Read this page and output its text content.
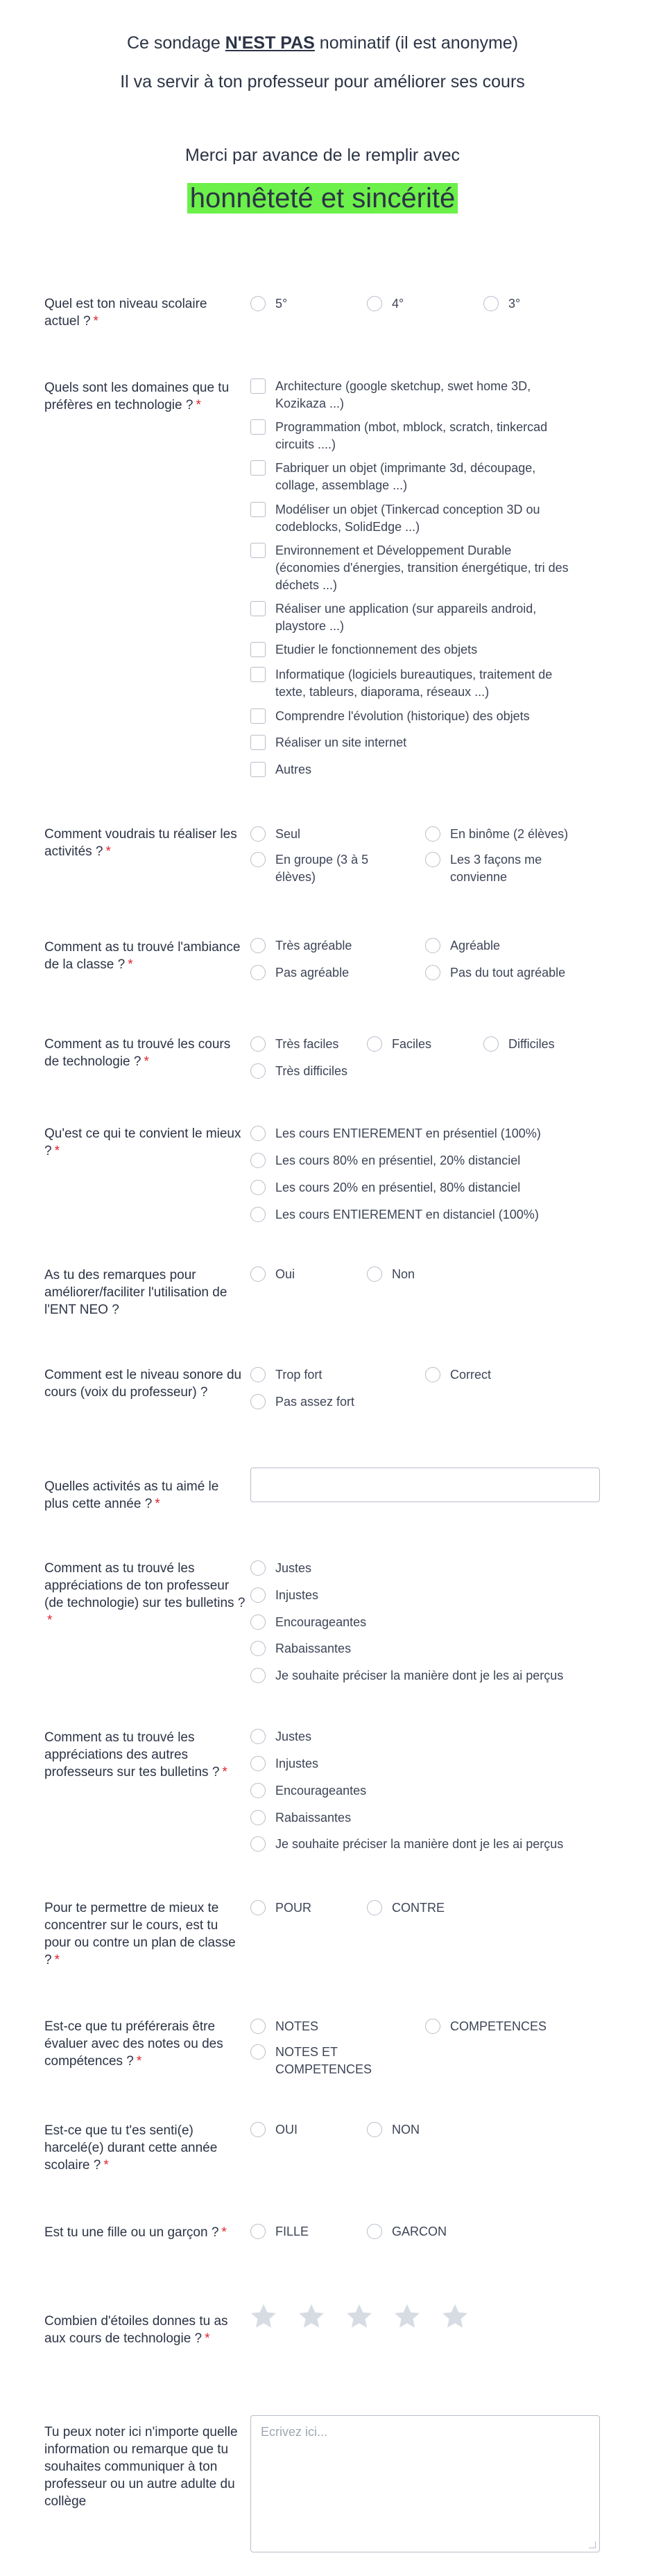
Ce sondage N'EST PAS nominatif (il est anonyme)

Il va servir à ton professeur pour améliorer ses cours

Merci par avance de le remplir avec

honnêteté et sincérité

Quel est ton niveau scolaire actuel ? *
5°	4°	3°
Quels sont les domaines que tu préfères en technologie ? *
Architecture (google sketchup, swet home 3D, Kozikaza ...)
Programmation (mbot, mblock, scratch, tinkercad circuits ....)
Fabriquer un objet (imprimante 3d, découpage, collage, assemblage ...)
Modéliser un objet (Tinkercad conception 3D ou codeblocks, SolidEdge ...)
Environnement et Développement Durable (économies d'énergies, transition énergétique, tri des déchets ...)
Réaliser une application (sur appareils android, playstore ...)
Etudier le fonctionnement des objets
Informatique (logiciels bureautiques, traitement de texte, tableurs, diaporama, réseaux ...)
Comprendre l'évolution (historique) des objets
Réaliser un site internet
Autres
Comment voudrais tu réaliser les activités ? *
Seul	En binôme (2 élèves)
En groupe (3 à 5 élèves)
Les 3 façons me convienne
Comment as tu trouvé l'ambiance de la classe ? *
Très agréable	Agréable
Pas agréable	Pas du tout agréable
Comment as tu trouvé les cours de technologie ? *
Très faciles	Faciles	Difficiles
Très difficiles
Qu'est ce qui te convient le mieux ? *
Les cours ENTIEREMENT en présentiel (100%)
Les cours 80% en présentiel, 20% distanciel
Les cours 20% en présentiel, 80% distanciel
Les cours ENTIEREMENT en distanciel (100%)
As tu des remarques pour améliorer/faciliter l'utilisation de l'ENT NEO ?
Oui	Non
Comment est le niveau sonore du cours (voix du professeur) ?
Trop fort	Correct
Pas assez fort
Quelles activités as tu aimé le plus cette année ? *
Comment as tu trouvé les appréciations de ton professeur (de technologie) sur tes bulletins ?*
Justes
Injustes
Encourageantes
Rabaissantes
Je souhaite préciser la manière dont je les ai perçus
Comment as tu trouvé les appréciations des autres professeurs sur tes bulletins ? *
Justes
Injustes
Encourageantes
Rabaissantes
Je souhaite préciser la manière dont je les ai perçus
Pour te permettre de mieux te concentrer sur le cours, est tu pour ou contre un plan de classe ? *
POUR	CONTRE
Est-ce que tu préférerais être évaluer avec des notes ou des compétences ? *
NOTES	COMPETENCES
NOTES ET COMPETENCES
Est-ce que tu t'es senti(e) harcelé(e) durant cette année scolaire ? *
OUI	NON
Est tu une fille ou un garçon ? *	FILLE	GARCON
Combien d'étoiles donnes tu as aux cours de technologie ? *
Tu peux noter ici n'importe quelle information ou remarque que tu souhaites communiquer à ton professeur ou un autre adulte du collège
Ecrivez ici...
